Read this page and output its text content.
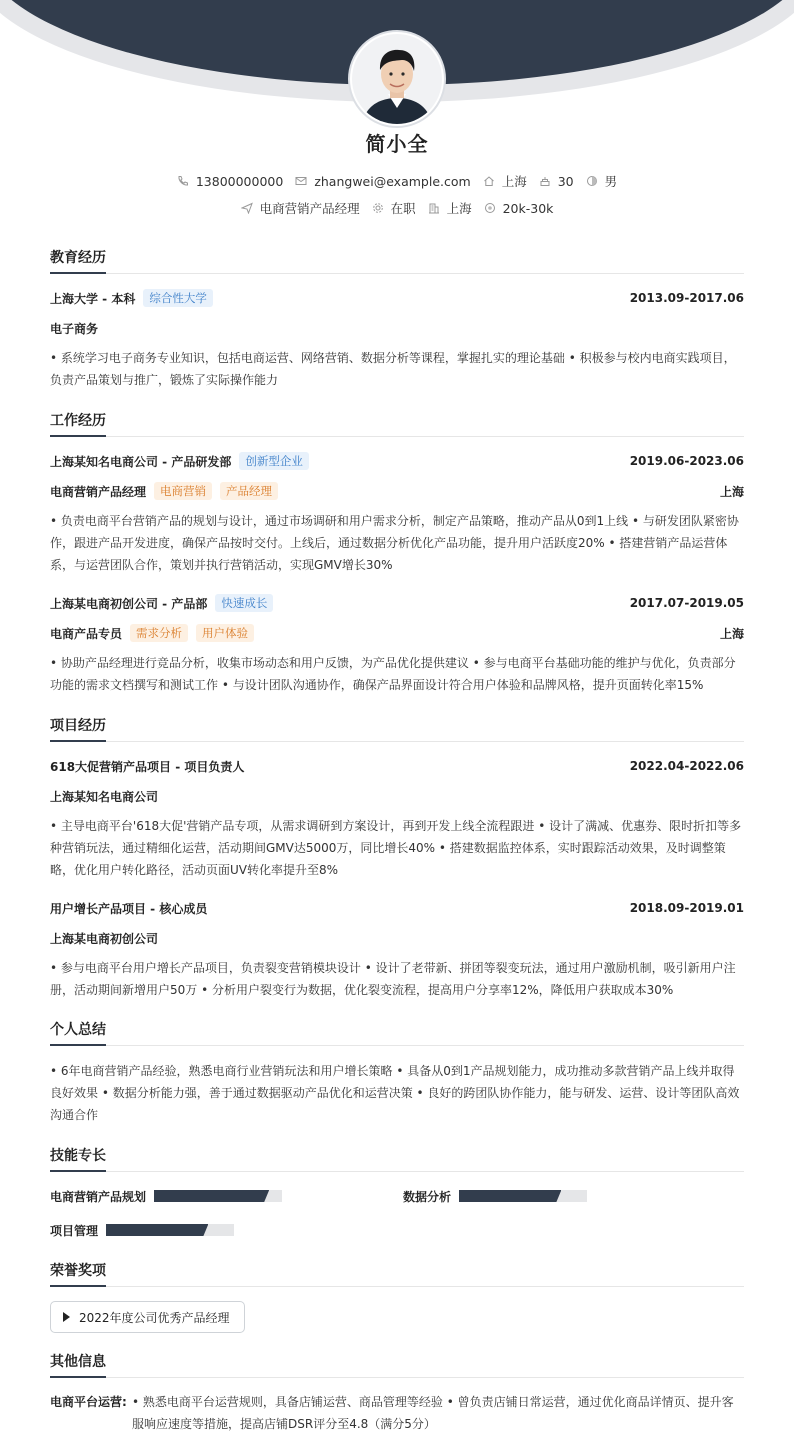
简小全
13800000000 zhangwei@example.com 上海 30 男
电商营销产品经理 在职 上海 20k-30k
教育经历
上海大学 - 本科	综合性大学	2013.09-2017.06
电子商务
• 系统学习电子商务专业知识，包括电商运营、网络营销、数据分析等课程，掌握扎实的理论基础 • 积极参与校内电商实践项目，负责产品策划与推广，锻炼了实际操作能力
工作经历
上海某知名电商公司 - 产品研发部	创新型企业	2019.06-2023.06
电商营销产品经理	电商营销	产品经理	上海
• 负责电商平台营销产品的规划与设计，通过市场调研和用户需求分析，制定产品策略，推动产品从0到1上线 • 与研发团队紧密协作，跟进产品开发进度，确保产品按时交付。上线后，通过数据分析优化产品功能，提升用户活跃度20% • 搭建营销产品运营体系，与运营团队合作，策划并执行营销活动，实现GMV增长30%
上海某电商初创公司 - 产品部	快速成长	2017.07-2019.05
电商产品专员	需求分析	用户体验	上海
• 协助产品经理进行竞品分析，收集市场动态和用户反馈，为产品优化提供建议 • 参与电商平台基础功能的维护与优化，负责部分功能的需求文档撰写和测试工作 • 与设计团队沟通协作，确保产品界面设计符合用户体验和品牌风格，提升页面转化率15%
项目经历
618大促营销产品项目 - 项目负责人	2022.04-2022.06
上海某知名电商公司
• 主导电商平台'618大促'营销产品专项，从需求调研到方案设计，再到开发上线全流程跟进 • 设计了满减、优惠券、限时折扣等多种营销玩法，通过精细化运营，活动期间GMV达5000万，同比增长40% • 搭建数据监控体系，实时跟踪活动效果，及时调整策略，优化用户转化路径，活动页面UV转化率提升至8%
用户增长产品项目 - 核心成员	2018.09-2019.01
上海某电商初创公司
• 参与电商平台用户增长产品项目，负责裂变营销模块设计 • 设计了老带新、拼团等裂变玩法，通过用户激励机制，吸引新用户注册，活动期间新增用户50万 • 分析用户裂变行为数据，优化裂变流程，提高用户分享率12%，降低用户获取成本30%
个人总结
• 6年电商营销产品经验，熟悉电商行业营销玩法和用户增长策略 • 具备从0到1产品规划能力，成功推动多款营销产品上线并取得良好效果 • 数据分析能力强，善于通过数据驱动产品优化和运营决策 • 良好的跨团队协作能力，能与研发、运营、设计等团队高效沟通合作
技能专长
电商营销产品规划	数据分析
项目管理
荣誉奖项
2022年度公司优秀产品经理
其他信息
电商平台运营: • 熟悉电商平台运营规则，具备店铺运营、商品管理等经验 • 曾负责店铺日常运营，通过优化商品详情页、提升客服响应速度等措施，提高店铺DSR评分至4.8（满分5分）
